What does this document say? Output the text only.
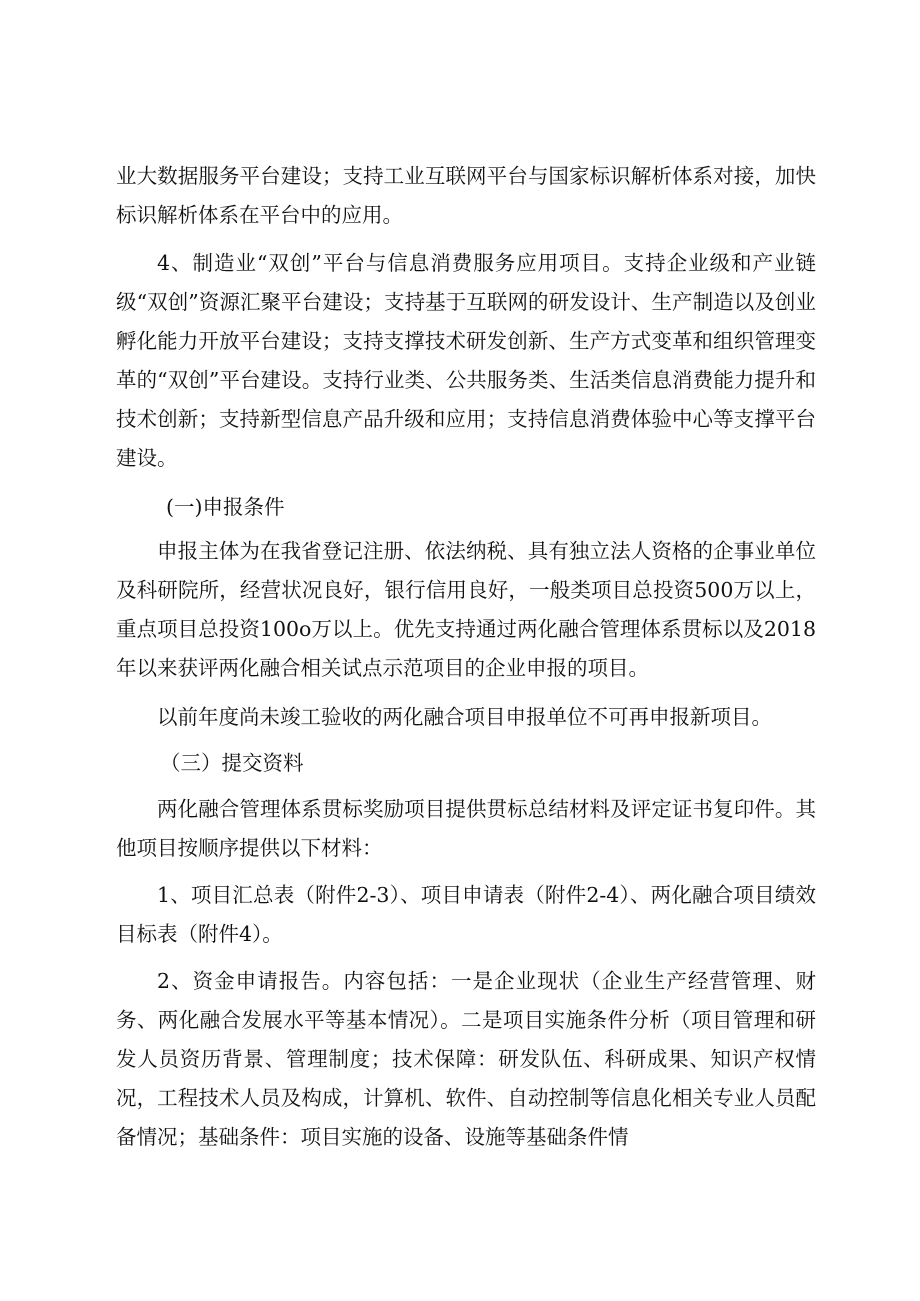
业大数据服务平台建设；支持工业互联网平台与国家标识解析体系对接，加快标识解析体系在平台中的应用。

4、制造业“双创”平台与信息消费服务应用项目。支持企业级和产业链级“双创”资源汇聚平台建设；支持基于互联网的研发设计、生产制造以及创业孵化能力开放平台建设；支持支撑技术研发创新、生产方式变革和组织管理变革的“双创”平台建设。支持行业类、公共服务类、生活类信息消费能力提升和技术创新；支持新型信息产品升级和应用；支持信息消费体验中心等支撑平台建设。

(一)申报条件

申报主体为在我省登记注册、依法纳税、具有独立法人资格的企事业单位及科研院所，经营状况良好，银行信用良好，一般类项目总投资500万以上，重点项目总投资100o万以上。优先支持通过两化融合管理体系贯标以及2018年以来获评两化融合相关试点示范项目的企业申报的项目。

以前年度尚未竣工验收的两化融合项目申报单位不可再申报新项目。

（三）提交资料

两化融合管理体系贯标奖励项目提供贯标总结材料及评定证书复印件。其他项目按顺序提供以下材料：

1、项目汇总表（附件2-3）、项目申请表（附件2-4）、两化融合项目绩效目标表（附件4）。

2、资金申请报告。内容包括：一是企业现状（企业生产经营管理、财务、两化融合发展水平等基本情况）。二是项目实施条件分析（项目管理和研发人员资历背景、管理制度；技术保障：研发队伍、科研成果、知识产权情况，工程技术人员及构成，计算机、软件、自动控制等信息化相关专业人员配备情况；基础条件：项目实施的设备、设施等基础条件情
